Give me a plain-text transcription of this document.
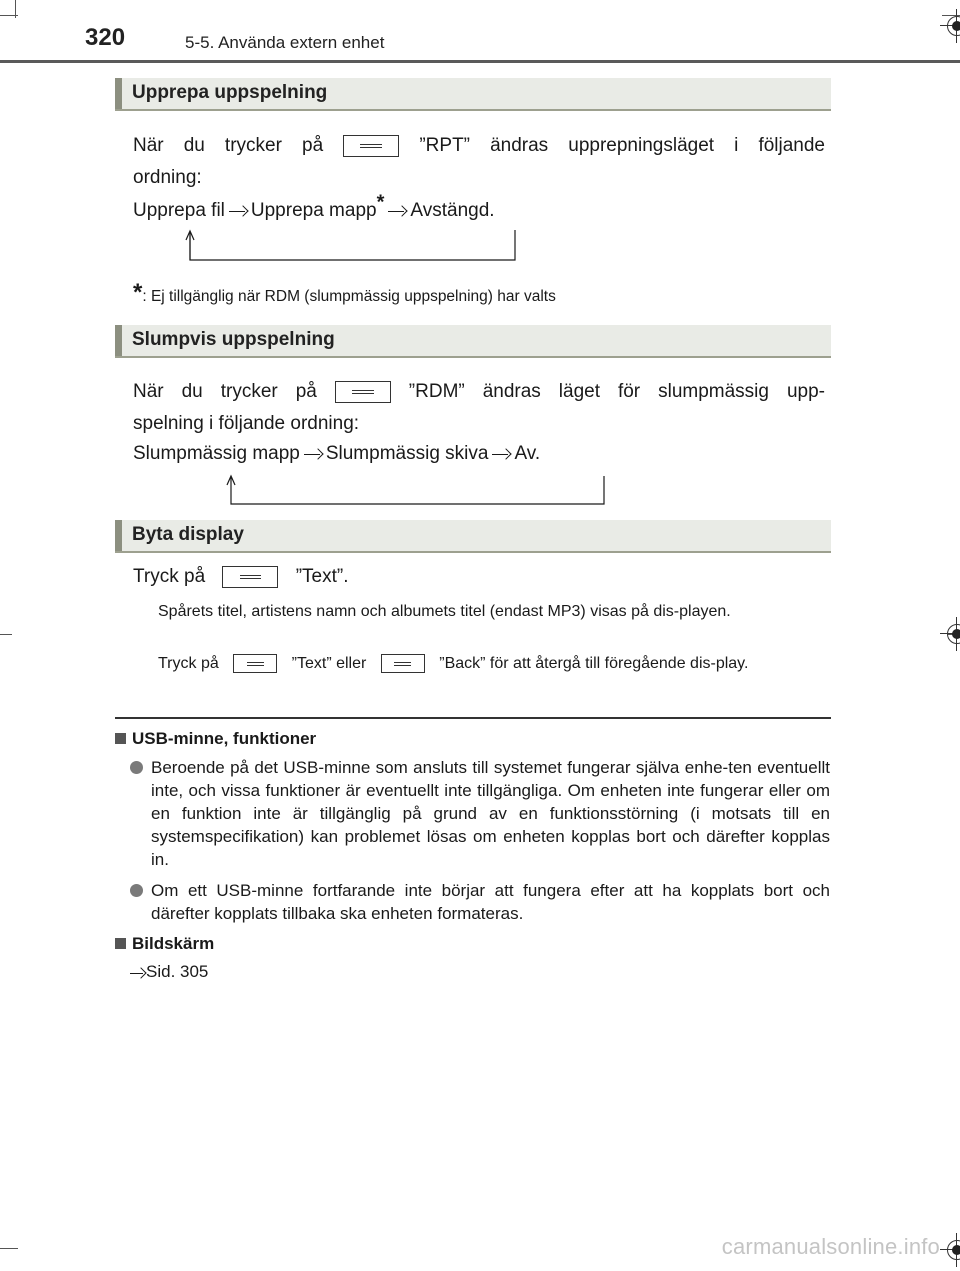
320	5-5. Använda extern enhet
Upprepa uppspelning
När du trycker på	”RPT” ändras upprepningsläget i följande
ordning:
Upprepa fil Upprepa mapp* Avstängd.
*: Ej tillgänglig när RDM (slumpmässig uppspelning) har valts
Slumpvis uppspelning
När du trycker på	”RDM” ändras läget för slumpmässig upp-
spelning i följande ordning:
Slumpmässig mapp Slumpmässig skiva Av.
Byta display
Tryck på	”Text”.
Spårets titel, artistens namn och albumets titel (endast MP3) visas på dis-playen.
Tryck på	”Text” eller	”Back” för att återgå till föregående dis-play.
USB-minne, funktioner
Beroende på det USB-minne som ansluts till systemet fungerar själva enhe-ten eventuellt inte, och vissa funktioner är eventuellt inte tillgängliga. Om enheten inte fungerar eller om en funktion inte är tillgänglig på grund av en funktionsstörning (i motsats till en systemspecifikation) kan problemet lösas om enheten kopplas bort och därefter kopplas in.
Om ett USB-minne fortfarande inte börjar att fungera efter att ha kopplats bort och därefter kopplats tillbaka ska enheten formateras.
Bildskärm
Sid. 305
carmanualsonline.info
